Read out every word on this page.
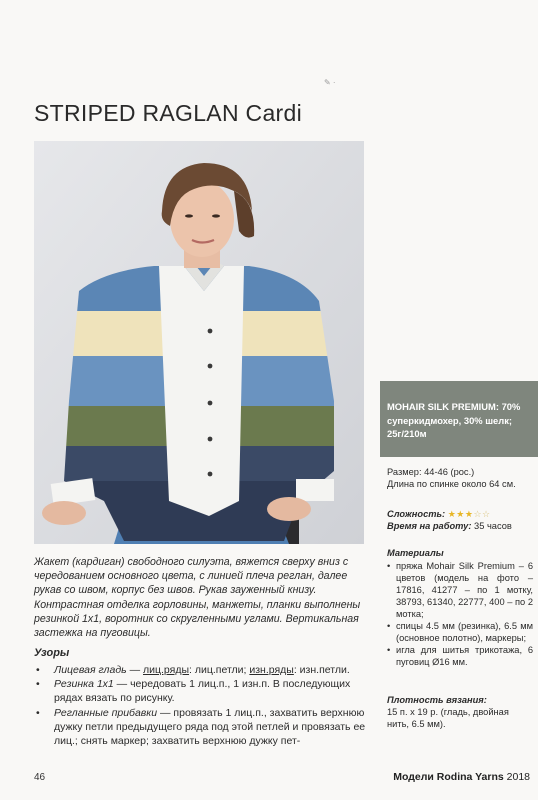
STRIPED RAGLAN Cardi
✎ ·

Жакет (кардиган) свободного силуэта, вяжется сверху вниз с чередованием основного цвета, с линией плеча реглан, далее рукав со швом, корпус без швов. Рукав зауженный книзу. Контрастная отделка горловины, манжеты, планки выполнены резинкой 1х1, воротник со скругленными углами. Вертикальная застежка на пуговицы.

Узоры
• Лицевая гладь — лиц.ряды: лиц.петли; изн.ряды: изн.петли.
• Резинка 1х1 — чередовать 1 лиц.п., 1 изн.п. В последующих рядах вязать по рисунку.
• Регланные прибавки — провязать 1 лиц.п., захватить верхнюю дужку петли предыдущего ряда под этой петлей и провязать ее лиц.; снять маркер; захватить верхнюю дужку пет-
MOHAIR SILK PREMIUM: 70% суперкидмохер, 30% шелк; 25г/210м
Размер: 44-46 (рос.)
Длина по спинке около 64 см.
Сложность: ★★★☆☆
Время на работу: 35 часов
Материалы
• пряжа Mohair Silk Premium – 6 цветов (модель на фото – 17816, 41277 – по 1 мотку, 38793, 61340, 22777, 400 – по 2 мотка;
• спицы 4.5 мм (резинка), 6.5 мм (основное полотно), маркеры;
• игла для шитья трикотажа, 6 пуговиц Ø16 мм.
Плотность вязания:
15 п. х 19 р. (гладь, двойная нить, 6.5 мм).
46	Модели Rodina Yarns 2018
